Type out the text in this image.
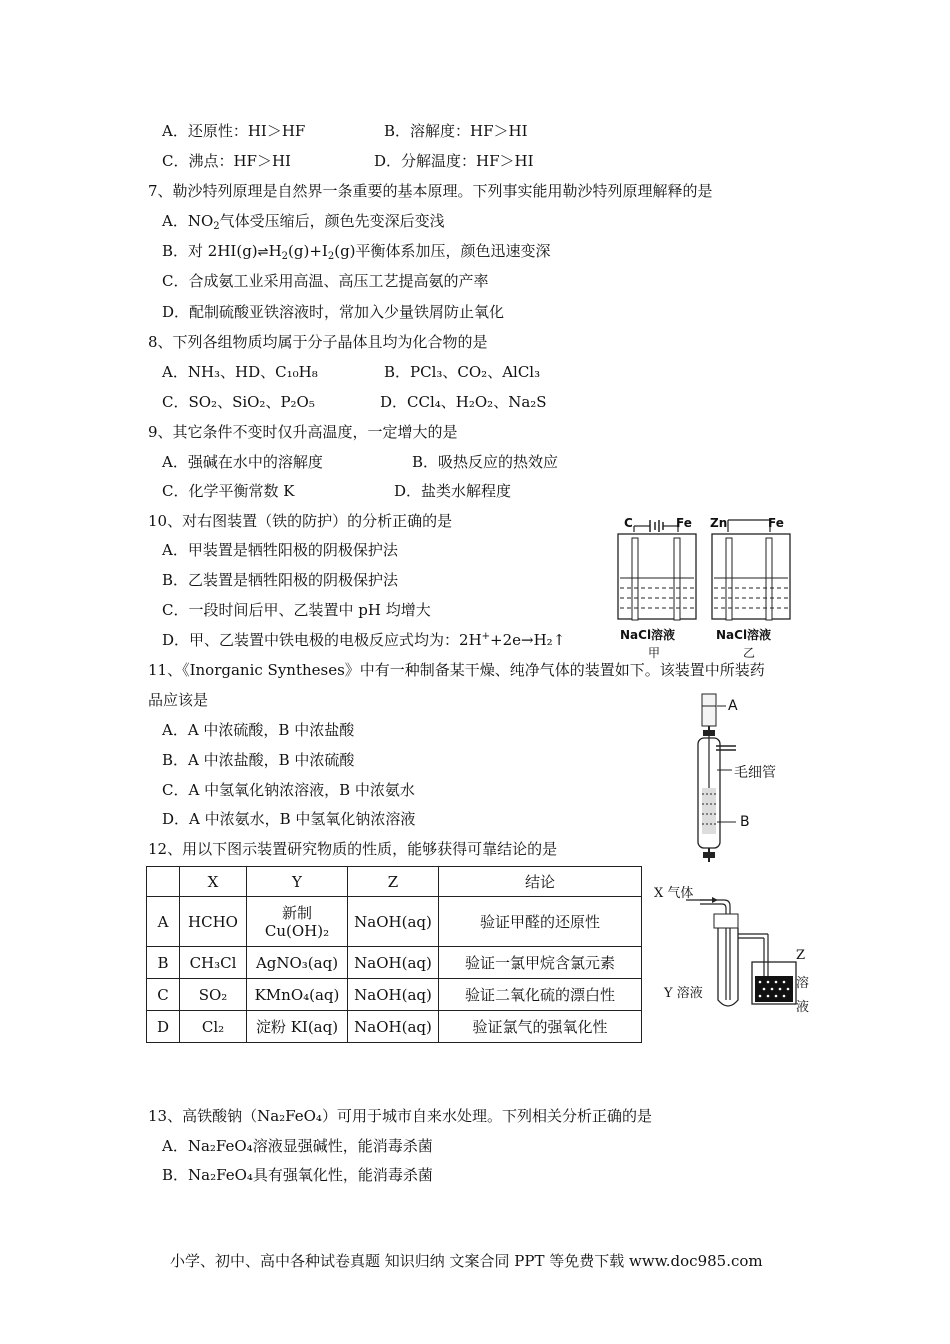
A．还原性：HI＞HF	B．溶解度：HF＞HI
C．沸点：HF＞HI	D．分解温度：HF＞HI
7、勒沙特列原理是自然界一条重要的基本原理。下列事实能用勒沙特列原理解释的是
A．$NO_2$气体受压缩后，颜色先变深后变浅
B．对 $2HI(g)\rightleftharpoons H_2(g)+I_2(g)$平衡体系加压，颜色迅速变深
C．合成氨工业采用高温、高压工艺提高氨的产率
D．配制硫酸亚铁溶液时，常加入少量铁屑防止氧化
8、下列各组物质均属于分子晶体且均为化合物的是
A．NH₃、HD、C₁₀H₈	B．PCl₃、CO₂、AlCl₃
C．SO₂、SiO₂、P₂O₅	D．CCl₄、H₂O₂、Na₂S
9、其它条件不变时仅升高温度，一定增大的是
A．强碱在水中的溶解度	B．吸热反应的热效应
C．化学平衡常数 K	D．盐类水解程度
10、对右图装置（铁的防护）的分析正确的是
A．甲装置是牺牲阳极的阴极保护法
B．乙装置是牺牲阳极的阴极保护法
C．一段时间后甲、乙装置中 pH 均增大
D．甲、乙装置中铁电极的电极反应式均为：2H++2e→H₂↑
C	Fe Zn	Fe
NaCl溶液	NaCl溶液
甲	乙
11、《Inorganic Syntheses》中有一种制备某干燥、纯净气体的装置如下。该装置中所装药
品应该是
A．A 中浓硫酸，B 中浓盐酸
B．A 中浓盐酸，B 中浓硫酸
C．A 中氢氧化钠浓溶液，B 中浓氨水
D．A 中浓氨水，B 中氢氧化钠浓溶液
A
毛细管
B
12、用以下图示装置研究物质的性质，能够获得可靠结论的是
	X	Y	Z	结论
A	HCHO	新制 Cu(OH)₂	NaOH(aq)	验证甲醛的还原性
B	CH₃Cl	AgNO₃(aq)	NaOH(aq)	验证一氯甲烷含氯元素
C	SO₂	KMnO₄(aq)	NaOH(aq)	验证二氧化硫的漂白性
D	Cl₂	淀粉 KI(aq)	NaOH(aq)	验证氯气的强氧化性
X 气体
Y 溶液
Z
溶
液
13、高铁酸钠（Na₂FeO₄）可用于城市自来水处理。下列相关分析正确的是
A．Na₂FeO₄溶液显强碱性，能消毒杀菌
B．Na₂FeO₄具有强氧化性，能消毒杀菌
小学、初中、高中各种试卷真题 知识归纳 文案合同 PPT 等免费下载 www.doc985.com
